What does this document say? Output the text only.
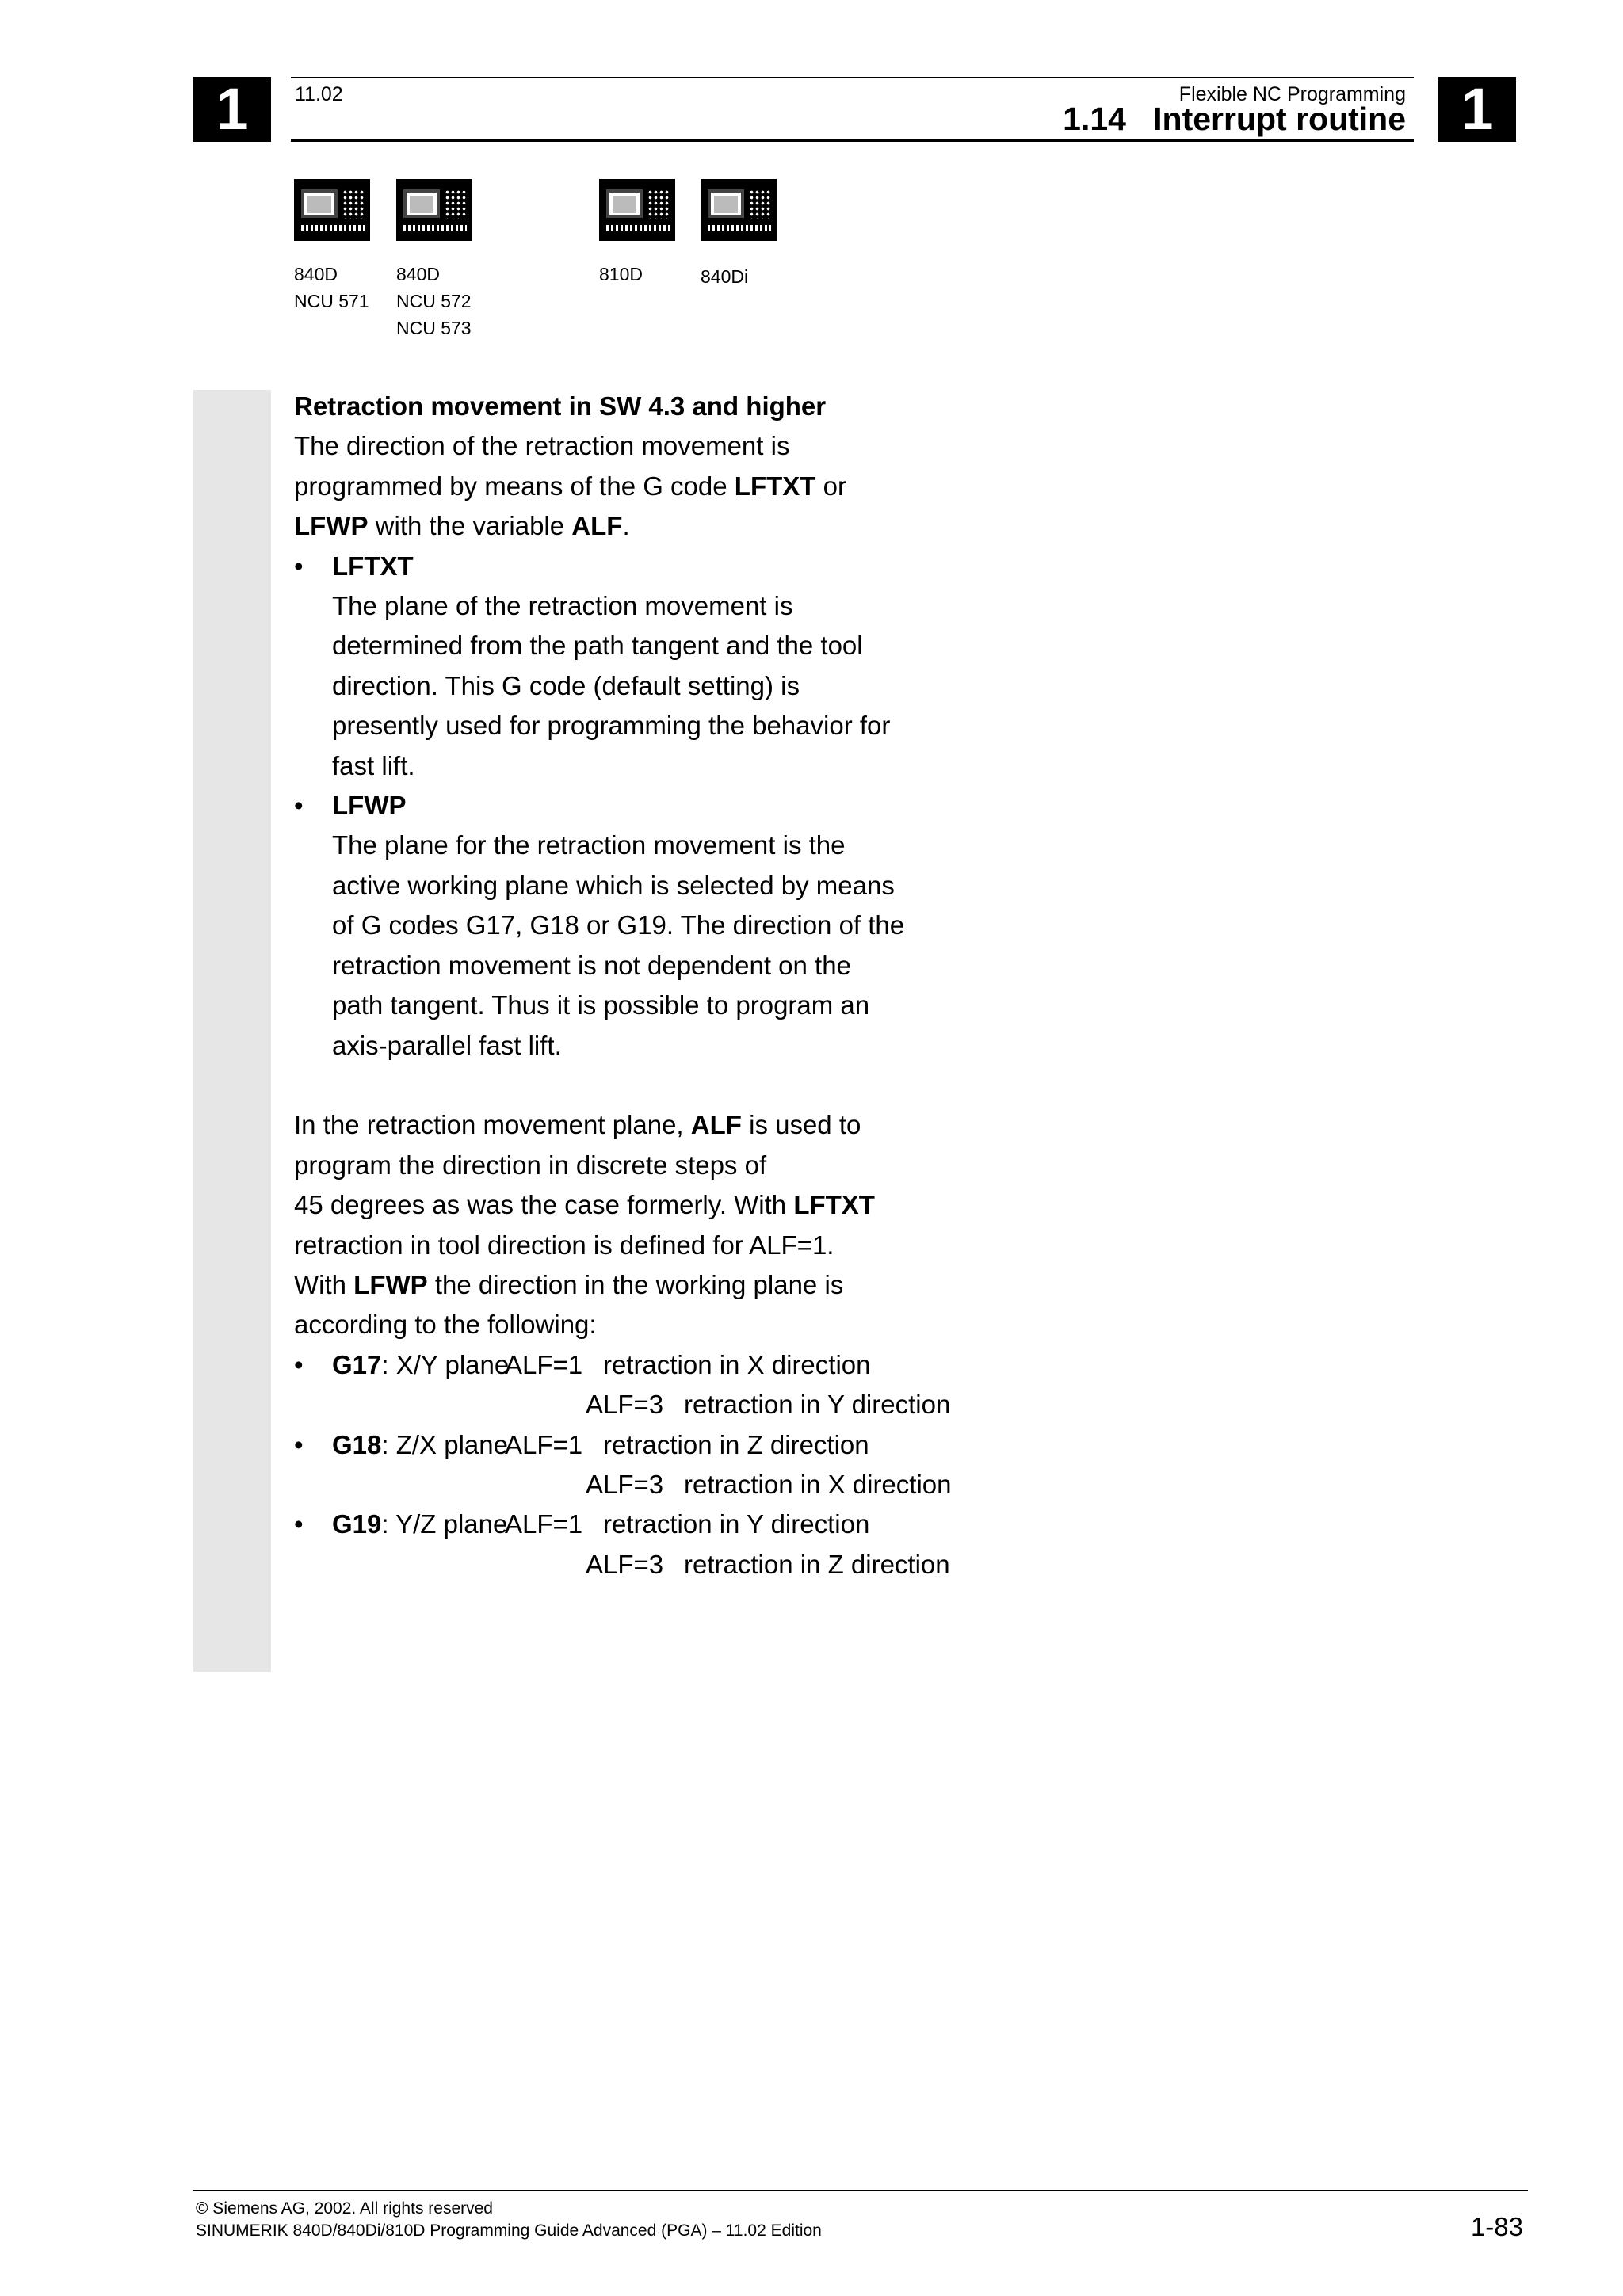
1	1
11.02	Flexible NC Programming
1.14   Interrupt routine
840D
NCU 571
840D
NCU 572
NCU 573
810D	840Di

Retraction movement in SW 4.3 and higher

The direction of the retraction movement is

programmed by means of the G code LFTXT or

LFWP with the variable ALF.

• LFTXT

The plane of the retraction movement is

determined from the path tangent and the tool

direction. This G code (default setting) is

presently used for programming the behavior for

fast lift.

• LFWP

The plane for the retraction movement is the

active working plane which is selected by means

of G codes G17, G18 or G19. The direction of the

retraction movement is not dependent on the

path tangent. Thus it is possible to program an

axis-parallel fast lift.

In the retraction movement plane, ALF is used to

program the direction in discrete steps of

45 degrees as was the case formerly. With LFTXT

retraction in tool direction is defined for ALF=1.

With LFWP the direction in the working plane is

according to the following:

•	G17: X/Y plane
ALF=1 retraction in X direction
ALF=3 retraction in Y direction
•	G18: Z/X plane
ALF=1 retraction in Z direction
ALF=3 retraction in X direction
•	G19: Y/Z plane
ALF=1 retraction in Y direction
ALF=3 retraction in Z direction
© Siemens AG, 2002. All rights reserved
SINUMERIK 840D/840Di/810D Programming Guide Advanced (PGA) – 11.02 Edition	1-83
